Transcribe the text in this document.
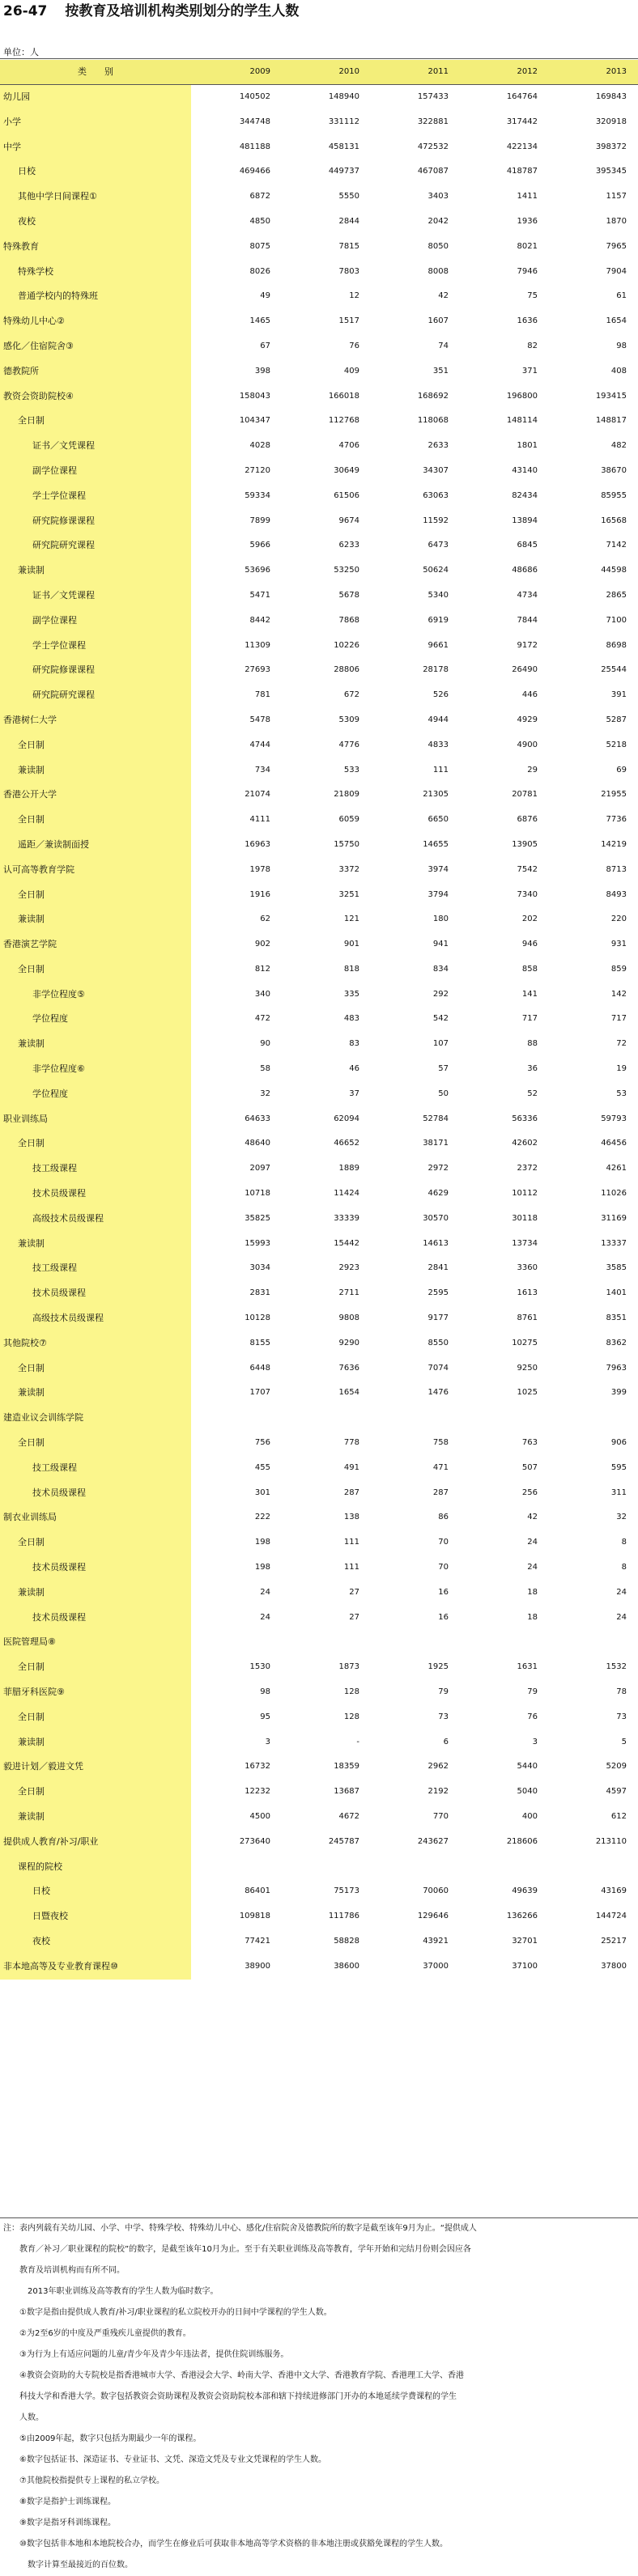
26-47 按教育及培训机构类别划分的学生人数
单位：人
类　　别	2009	2010	2011	2012	2013
幼儿园	140502	148940	157433	164764	169843
小学	344748	331112	322881	317442	320918
中学	481188	458131	472532	422134	398372
日校	469466	449737	467087	418787	395345
其他中学日间课程①	6872	5550	3403	1411	1157
夜校	4850	2844	2042	1936	1870
特殊教育	8075	7815	8050	8021	7965
特殊学校	8026	7803	8008	7946	7904
普通学校内的特殊班	49	12	42	75	61
特殊幼儿中心②	1465	1517	1607	1636	1654
感化／住宿院舍③	67	76	74	82	98
德教院所	398	409	351	371	408
教资会资助院校④	158043	166018	168692	196800	193415
全日制	104347	112768	118068	148114	148817
证书／文凭课程	4028	4706	2633	1801	482
副学位课程	27120	30649	34307	43140	38670
学士学位课程	59334	61506	63063	82434	85955
研究院修课课程	7899	9674	11592	13894	16568
研究院研究课程	5966	6233	6473	6845	7142
兼读制	53696	53250	50624	48686	44598
证书／文凭课程	5471	5678	5340	4734	2865
副学位课程	8442	7868	6919	7844	7100
学士学位课程	11309	10226	9661	9172	8698
研究院修课课程	27693	28806	28178	26490	25544
研究院研究课程	781	672	526	446	391
香港树仁大学	5478	5309	4944	4929	5287
全日制	4744	4776	4833	4900	5218
兼读制	734	533	111	29	69
香港公开大学	21074	21809	21305	20781	21955
全日制	4111	6059	6650	6876	7736
遥距／兼读制面授	16963	15750	14655	13905	14219
认可高等教育学院	1978	3372	3974	7542	8713
全日制	1916	3251	3794	7340	8493
兼读制	62	121	180	202	220
香港演艺学院	902	901	941	946	931
全日制	812	818	834	858	859
非学位程度⑤	340	335	292	141	142
学位程度	472	483	542	717	717
兼读制	90	83	107	88	72
非学位程度⑥	58	46	57	36	19
学位程度	32	37	50	52	53
职业训练局	64633	62094	52784	56336	59793
全日制	48640	46652	38171	42602	46456
技工级课程	2097	1889	2972	2372	4261
技术员级课程	10718	11424	4629	10112	11026
高级技术员级课程	35825	33339	30570	30118	31169
兼读制	15993	15442	14613	13734	13337
技工级课程	3034	2923	2841	3360	3585
技术员级课程	2831	2711	2595	1613	1401
高级技术员级课程	10128	9808	9177	8761	8351
其他院校⑦	8155	9290	8550	10275	8362
全日制	6448	7636	7074	9250	7963
兼读制	1707	1654	1476	1025	399
建造业议会训练学院
全日制	756	778	758	763	906
技工级课程	455	491	471	507	595
技术员级课程	301	287	287	256	311
制衣业训练局	222	138	86	42	32
全日制	198	111	70	24	8
技术员级课程	198	111	70	24	8
兼读制	24	27	16	18	24
技术员级课程	24	27	16	18	24
医院管理局⑧
全日制	1530	1873	1925	1631	1532
菲腊牙科医院⑨	98	128	79	79	78
全日制	95	128	73	76	73
兼读制	3	-	6	3	5
毅进计划／毅进文凭	16732	18359	2962	5440	5209
全日制	12232	13687	2192	5040	4597
兼读制	4500	4672	770	400	612
提供成人教育/补习/职业	273640	245787	243627	218606	213110
课程的院校
日校	86401	75173	70060	49639	43169
日暨夜校	109818	111786	129646	136266	144724
夜校	77421	58828	43921	32701	25217
非本地高等及专业教育课程⑩	38900	38600	37000	37100	37800
注：表内列载有关幼儿园、小学、中学、特殊学校、特殊幼儿中心、感化/住宿院舍及德教院所的数字是截至该年9月为止。“提供成人
教育／补习／职业课程的院校”的数字，是截至该年10月为止。至于有关职业训练及高等教育，学年开始和完结月份则会因应各
教育及培训机构而有所不同。
2013年职业训练及高等教育的学生人数为临时数字。
①数字是指由提供成人教育/补习/职业课程的私立院校开办的日间中学课程的学生人数。
②为2至6岁的中度及严重残疾儿童提供的教育。
③为行为上有适应问题的儿童/青少年及青少年违法者，提供住院训练服务。
④教资会资助的大专院校是指香港城市大学、香港浸会大学、岭南大学、香港中文大学、香港教育学院、香港理工大学、香港
科技大学和香港大学。数字包括教资会资助课程及教资会资助院校本部和辖下持续进修部门开办的本地延续学费课程的学生
人数。
⑤由2009年起，数字只包括为期最少一年的课程。
⑥数字包括证书、深造证书、专业证书、文凭、深造文凭及专业文凭课程的学生人数。
⑦其他院校指提供专上课程的私立学校。
⑧数字是指护士训练课程。
⑨数字是指牙科训练课程。
⑩数字包括非本地和本地院校合办，而学生在修业后可获取非本地高等学术资格的非本地注册或获豁免课程的学生人数。
　数字计算至最接近的百位数。
